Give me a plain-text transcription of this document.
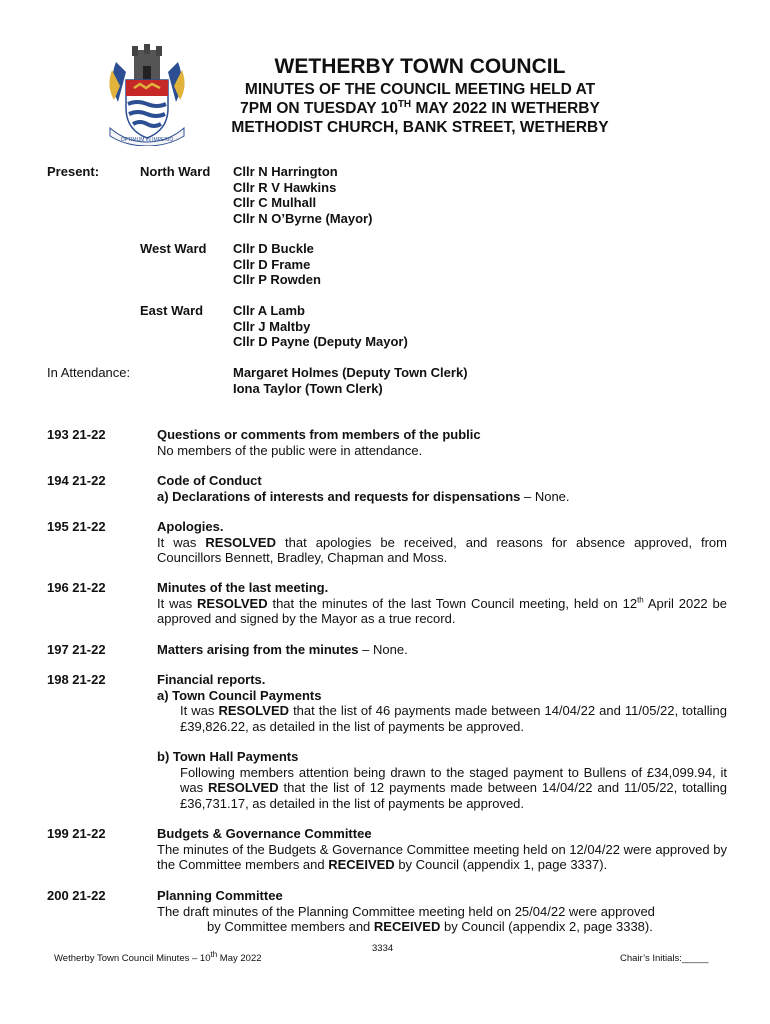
OPTIMUM IN IMPERIO
WETHERBY TOWN COUNCIL
MINUTES OF THE COUNCIL MEETING HELD AT
7PM ON TUESDAY 10TH MAY 2022 IN WETHERBY
METHODIST CHURCH, BANK STREET, WETHERBY
Present:	North Ward Cllr N Harrington
Cllr R V Hawkins
Cllr C Mulhall
Cllr N O’Byrne (Mayor)
West Ward Cllr D Buckle
Cllr D Frame
Cllr P Rowden
East Ward Cllr A Lamb
Cllr J Maltby
Cllr D Payne (Deputy Mayor)
In Attendance:	Margaret Holmes (Deputy Town Clerk)
Iona Taylor (Town Clerk)
193 21-22	Questions or comments from members of the public
No members of the public were in attendance.
194 21-22	Code of Conduct
a) Declarations of interests and requests for dispensations – None.
195 21-22	Apologies.
It was RESOLVED that apologies be received, and reasons for absence approved, from Councillors Bennett, Bradley, Chapman and Moss.
196 21-22	Minutes of the last meeting.
It was RESOLVED that the minutes of the last Town Council meeting, held on 12th April 2022 be approved and signed by the Mayor as a true record.
197 21-22	Matters arising from the minutes – None.
198 21-22	Financial reports.
a) Town Council Payments
It was RESOLVED that the list of 46 payments made between 14/04/22 and 11/05/22, totalling £39,826.22, as detailed in the list of payments be approved.
b) Town Hall Payments
Following members attention being drawn to the staged payment to Bullens of £34,099.94, it was RESOLVED that the list of 12 payments made between 14/04/22 and 11/05/22, totalling £36,731.17, as detailed in the list of payments be approved.
199 21-22	Budgets & Governance Committee
The minutes of the Budgets & Governance Committee meeting held on 12/04/22 were approved by the Committee members and RECEIVED by Council (appendix 1, page 3337).
200 21-22	Planning Committee
The draft minutes of the Planning Committee meeting held on 25/04/22 were approved
by Committee members and RECEIVED by Council (appendix 2, page 3338).
3334
Wetherby Town Council Minutes – 10th May 2022	Chair’s Initials:_____
